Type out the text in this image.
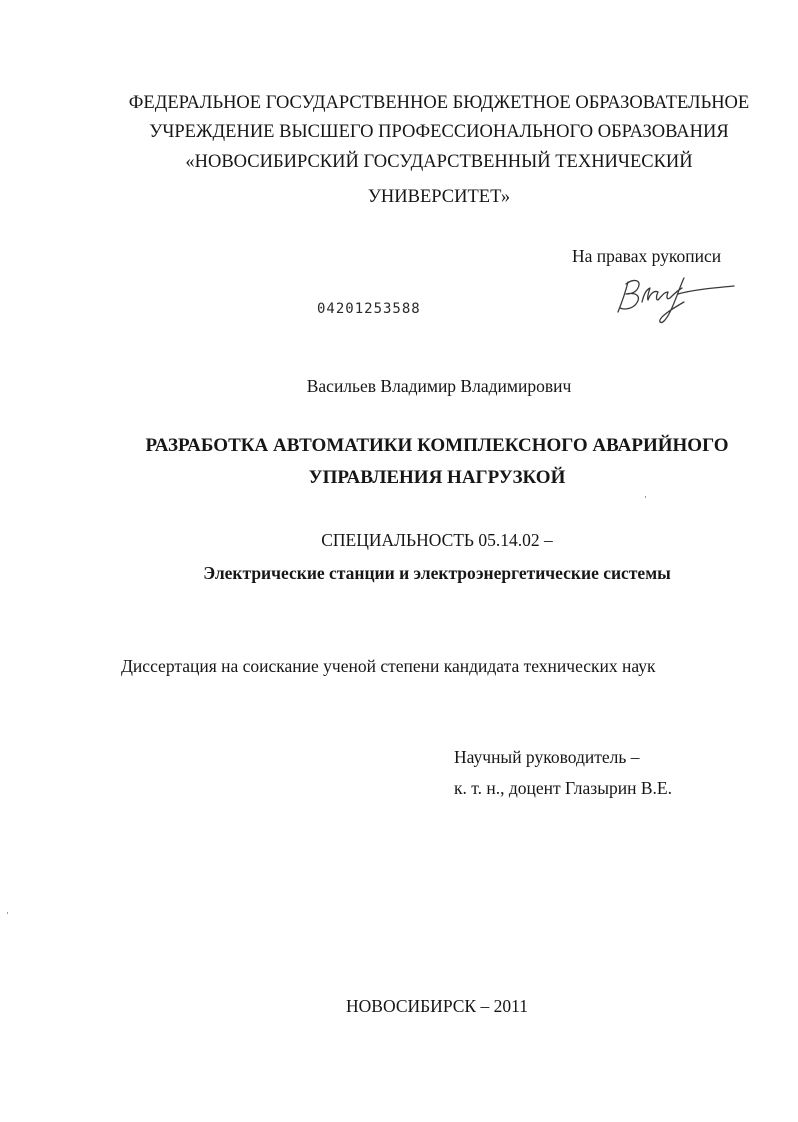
ФЕДЕРАЛЬНОЕ ГОСУДАРСТВЕННОЕ БЮДЖЕТНОЕ ОБРАЗОВАТЕЛЬНОЕ
УЧРЕЖДЕНИЕ ВЫСШЕГО ПРОФЕССИОНАЛЬНОГО ОБРАЗОВАНИЯ
«НОВОСИБИРСКИЙ ГОСУДАРСТВЕННЫЙ ТЕХНИЧЕСКИЙ
УНИВЕРСИТЕТ»
На правах рукописи
04201253588
Васильев Владимир Владимирович
РАЗРАБОТКА АВТОМАТИКИ КОМПЛЕКСНОГО АВАРИЙНОГО
УПРАВЛЕНИЯ НАГРУЗКОЙ
СПЕЦИАЛЬНОСТЬ 05.14.02 –
Электрические станции и электроэнергетические системы
Диссертация на соискание ученой степени кандидата технических наук
Научный руководитель –
к. т. н., доцент Глазырин В.Е.
НОВОСИБИРСК – 2011
